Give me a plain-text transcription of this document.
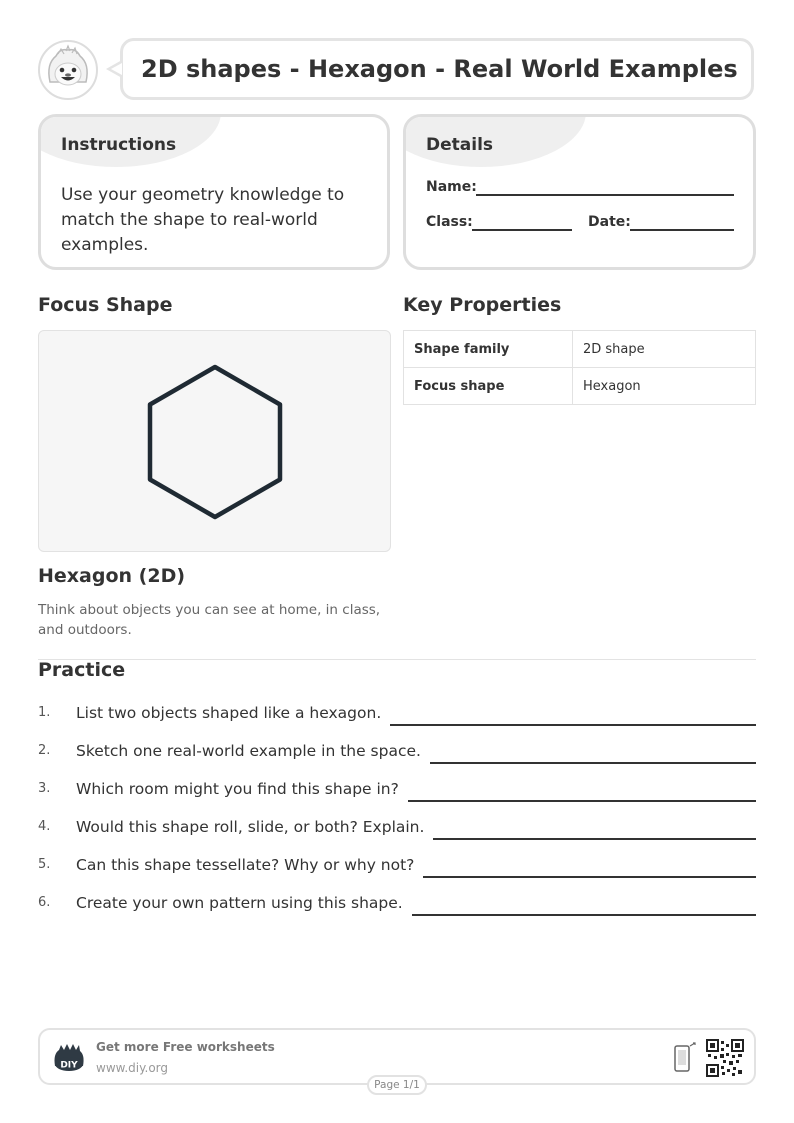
2D shapes - Hexagon - Real World Examples
Instructions
Use your geometry knowledge to match the shape to real-world examples.
Details
Name:
Class:	Date:
Focus Shape
Hexagon (2D)
Think about objects you can see at home, in class, and outdoors.
Key Properties
Shape family	2D shape
Focus shape	Hexagon
Practice
1.	List two objects shaped like a hexagon.
2.	Sketch one real-world example in the space.
3.	Which room might you find this shape in?
4.	Would this shape roll, slide, or both? Explain.
5.	Can this shape tessellate? Why or why not?
6.	Create your own pattern using this shape.
DIY
Get more Free worksheets
www.diy.org
Page 1/1
